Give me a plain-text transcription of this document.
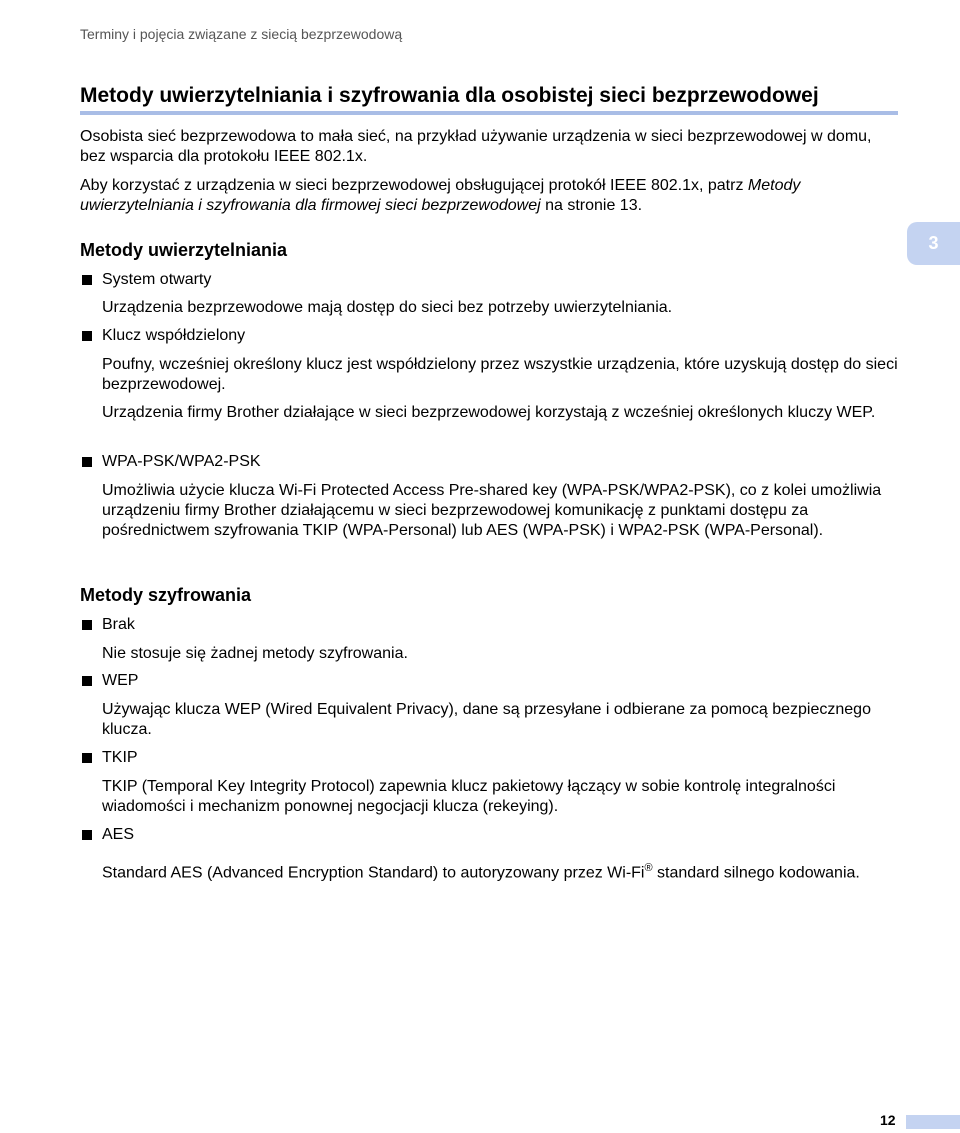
Terminy i pojęcia związane z siecią bezprzewodową
Metody uwierzytelniania i szyfrowania dla osobistej sieci bezprzewodowej

Osobista sieć bezprzewodowa to mała sieć, na przykład używanie urządzenia w sieci bezprzewodowej w domu, bez wsparcia dla protokołu IEEE 802.1x.

Aby korzystać z urządzenia w sieci bezprzewodowej obsługującej protokół IEEE 802.1x, patrz Metody uwierzytelniania i szyfrowania dla firmowej sieci bezprzewodowej na stronie 13.

3
Metody uwierzytelniania
System otwarty

Urządzenia bezprzewodowe mają dostęp do sieci bez potrzeby uwierzytelniania.

Klucz współdzielony

Poufny, wcześniej określony klucz jest współdzielony przez wszystkie urządzenia, które uzyskują dostęp do sieci bezprzewodowej.

Urządzenia firmy Brother działające w sieci bezprzewodowej korzystają z wcześniej określonych kluczy WEP.

WPA-PSK/WPA2-PSK

Umożliwia użycie klucza Wi-Fi Protected Access Pre-shared key (WPA-PSK/WPA2-PSK), co z kolei umożliwia urządzeniu firmy Brother działającemu w sieci bezprzewodowej komunikację z punktami dostępu za pośrednictwem szyfrowania TKIP (WPA-Personal) lub AES (WPA-PSK) i WPA2-PSK (WPA-Personal).

Metody szyfrowania
Brak

Nie stosuje się żadnej metody szyfrowania.

WEP

Używając klucza WEP (Wired Equivalent Privacy), dane są przesyłane i odbierane za pomocą bezpiecznego klucza.

TKIP

TKIP (Temporal Key Integrity Protocol) zapewnia klucz pakietowy łączący w sobie kontrolę integralności wiadomości i mechanizm ponownej negocjacji klucza (rekeying).

AES

Standard AES (Advanced Encryption Standard) to autoryzowany przez Wi-Fi® standard silnego kodowania.

12
